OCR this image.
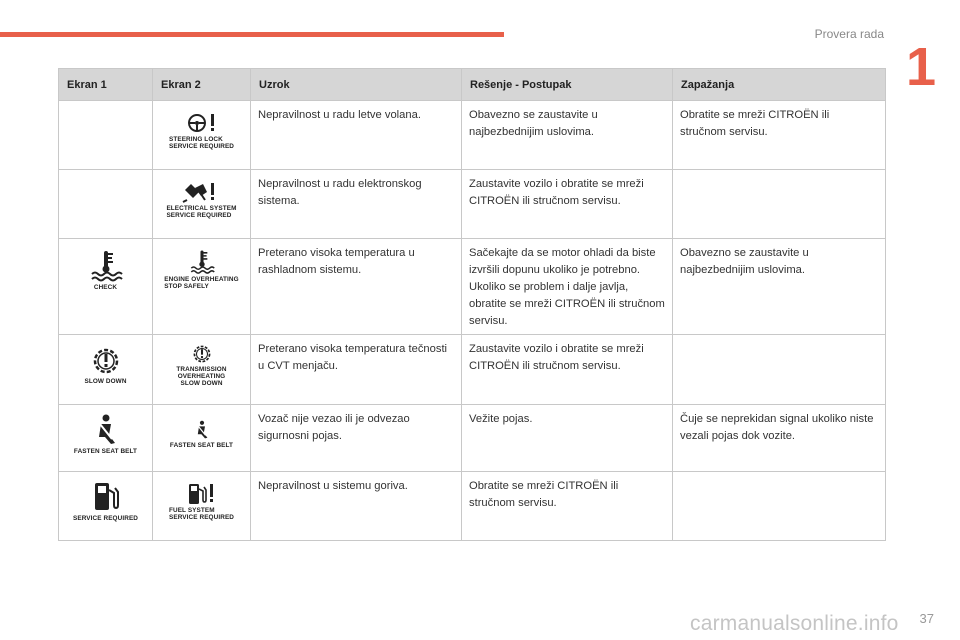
Provera rada
1
Ekran 1	Ekran 2	Uzrok	Rešenje - Postupak	Zapažanja

	STEERING LOCK
SERVICE REQUIRED	Nepravilnost u radu letve volana.	Obavezno se zaustavite u najbezbednijim uslovima.	Obratite se mreži CITROËN ili stručnom servisu.

	ELECTRICAL SYSTEM
SERVICE REQUIRED	Nepravilnost u radu elektronskog sistema.	Zaustavite vozilo i obratite se mreži CITROËN ili stručnom servisu.	

CHECK	ENGINE OVERHEATING
STOP SAFELY	Preterano visoka temperatura u rashladnom sistemu.	Sačekajte da se motor ohladi da biste izvršili dopunu ukoliko je potrebno. Ukoliko se problem i dalje javlja, obratite se mreži CITROËN ili stručnom servisu.	Obavezno se zaustavite u najbezbednijim uslovima.

SLOW DOWN	TRANSMISSION
OVERHEATING
SLOW DOWN	Preterano visoka temperatura tečnosti u CVT menjaču.	Zaustavite vozilo i obratite se mreži CITROËN ili stručnom servisu.	

FASTEN SEAT BELT	FASTEN SEAT BELT	Vozač nije vezao ili je odvezao sigurnosni pojas.	Vežite pojas.	Čuje se neprekidan signal ukoliko niste vezali pojas dok vozite.

SERVICE REQUIRED	FUEL SYSTEM
SERVICE REQUIRED	Nepravilnost u sistemu goriva.	Obratite se mreži CITROËN ili stručnom servisu.	
carmanualsonline.info 37
